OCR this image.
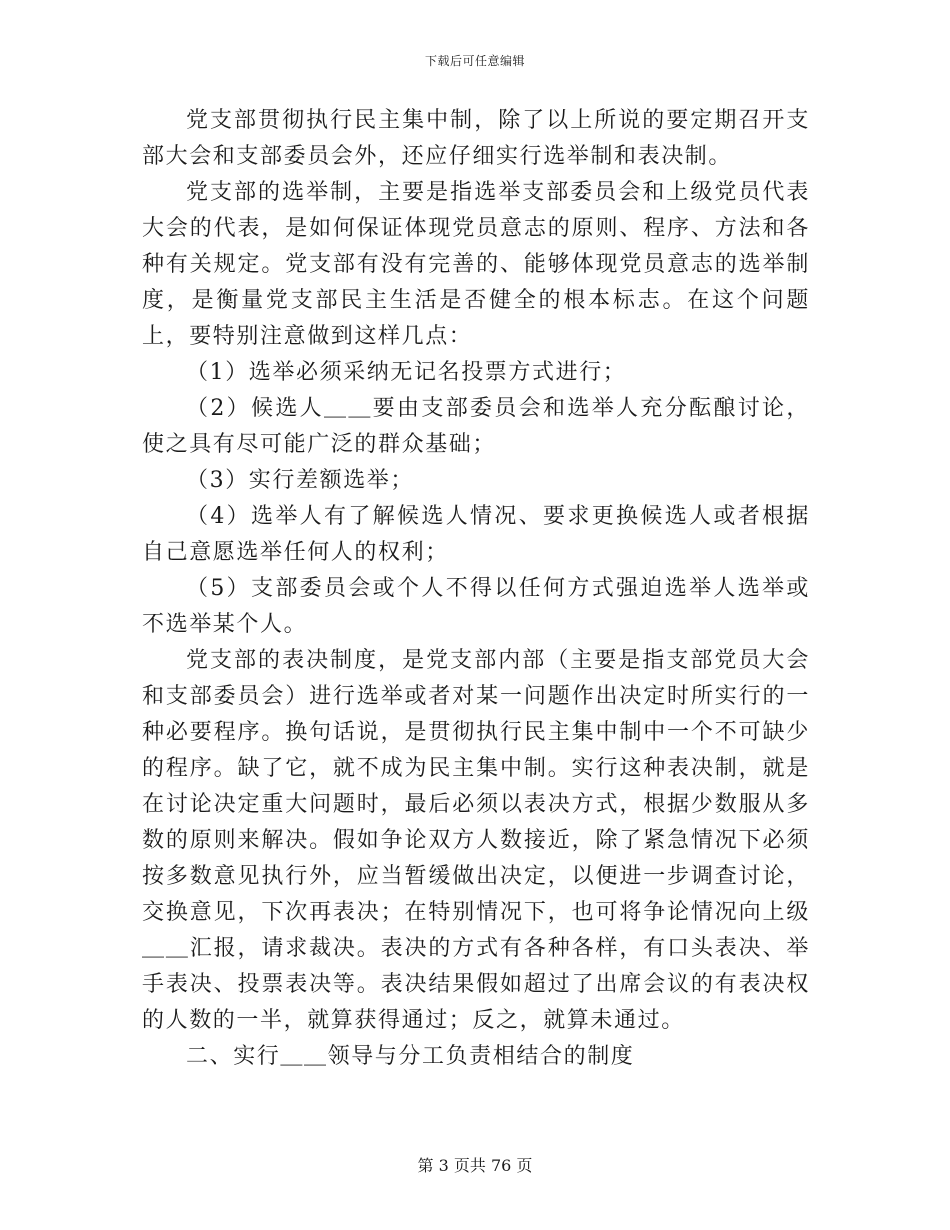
下载后可任意编辑

党支部贯彻执行民主集中制，除了以上所说的要定期召开支部大会和支部委员会外，还应仔细实行选举制和表决制。

党支部的选举制，主要是指选举支部委员会和上级党员代表大会的代表，是如何保证体现党员意志的原则、程序、方法和各种有关规定。党支部有没有完善的、能够体现党员意志的选举制度，是衡量党支部民主生活是否健全的根本标志。在这个问题上，要特别注意做到这样几点：

（1）选举必须采纳无记名投票方式进行；

（2）候选人＿＿要由支部委员会和选举人充分酝酿讨论，使之具有尽可能广泛的群众基础；

（3）实行差额选举；

（4）选举人有了解候选人情况、要求更换候选人或者根据自己意愿选举任何人的权利；

（5）支部委员会或个人不得以任何方式强迫选举人选举或不选举某个人。

党支部的表决制度，是党支部内部（主要是指支部党员大会和支部委员会）进行选举或者对某一问题作出决定时所实行的一种必要程序。换句话说，是贯彻执行民主集中制中一个不可缺少的程序。缺了它，就不成为民主集中制。实行这种表决制，就是在讨论决定重大问题时，最后必须以表决方式，根据少数服从多数的原则来解决。假如争论双方人数接近，除了紧急情况下必须按多数意见执行外，应当暂缓做出决定，以便进一步调查讨论，交换意见，下次再表决；在特别情况下，也可将争论情况向上级＿＿汇报，请求裁决。表决的方式有各种各样，有口头表决、举手表决、投票表决等。表决结果假如超过了出席会议的有表决权的人数的一半，就算获得通过；反之，就算未通过。

二、实行＿＿领导与分工负责相结合的制度

第 3 页共 76 页
